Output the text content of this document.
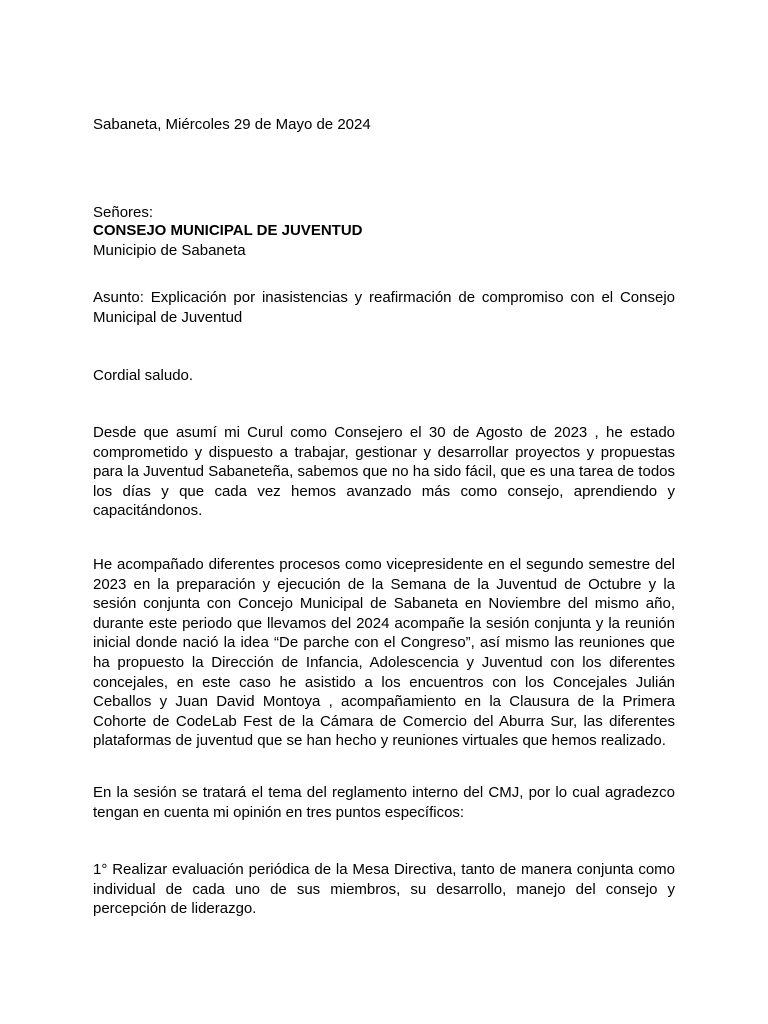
Sabaneta, Miércoles 29 de Mayo de 2024

Señores:

CONSEJO MUNICIPAL DE JUVENTUD

Municipio de Sabaneta

Asunto: Explicación por inasistencias y reafirmación de compromiso con el Consejo Municipal de Juventud

Cordial saludo.

Desde que asumí mi Curul como Consejero el 30 de Agosto de 2023 , he estado comprometido y dispuesto a trabajar, gestionar y desarrollar proyectos y propuestas para la Juventud Sabaneteña, sabemos que no ha sido fácil, que es una tarea de todos los días y que cada vez hemos avanzado más como consejo, aprendiendo y capacitándonos.

He acompañado diferentes procesos como vicepresidente en el segundo semestre del 2023 en la preparación y ejecución de la Semana de la Juventud de Octubre y la sesión conjunta con Concejo Municipal de Sabaneta en Noviembre del mismo año, durante este periodo que llevamos del 2024 acompañe la sesión conjunta y la reunión inicial donde nació la idea “De parche con el Congreso”, así mismo las reuniones que ha propuesto la Dirección de Infancia, Adolescencia y Juventud con los diferentes concejales, en este caso he asistido a los encuentros con los Concejales Julián Ceballos y Juan David Montoya , acompañamiento en la Clausura de la Primera Cohorte de CodeLab Fest de la Cámara de Comercio del Aburra Sur, las diferentes plataformas de juventud que se han hecho y reuniones virtuales que hemos realizado.

En la sesión se tratará el tema del reglamento interno del CMJ, por lo cual agradezco tengan en cuenta mi opinión en tres puntos específicos:

1° Realizar evaluación periódica de la Mesa Directiva, tanto de manera conjunta como individual de cada uno de sus miembros, su desarrollo, manejo del consejo y percepción de liderazgo.
